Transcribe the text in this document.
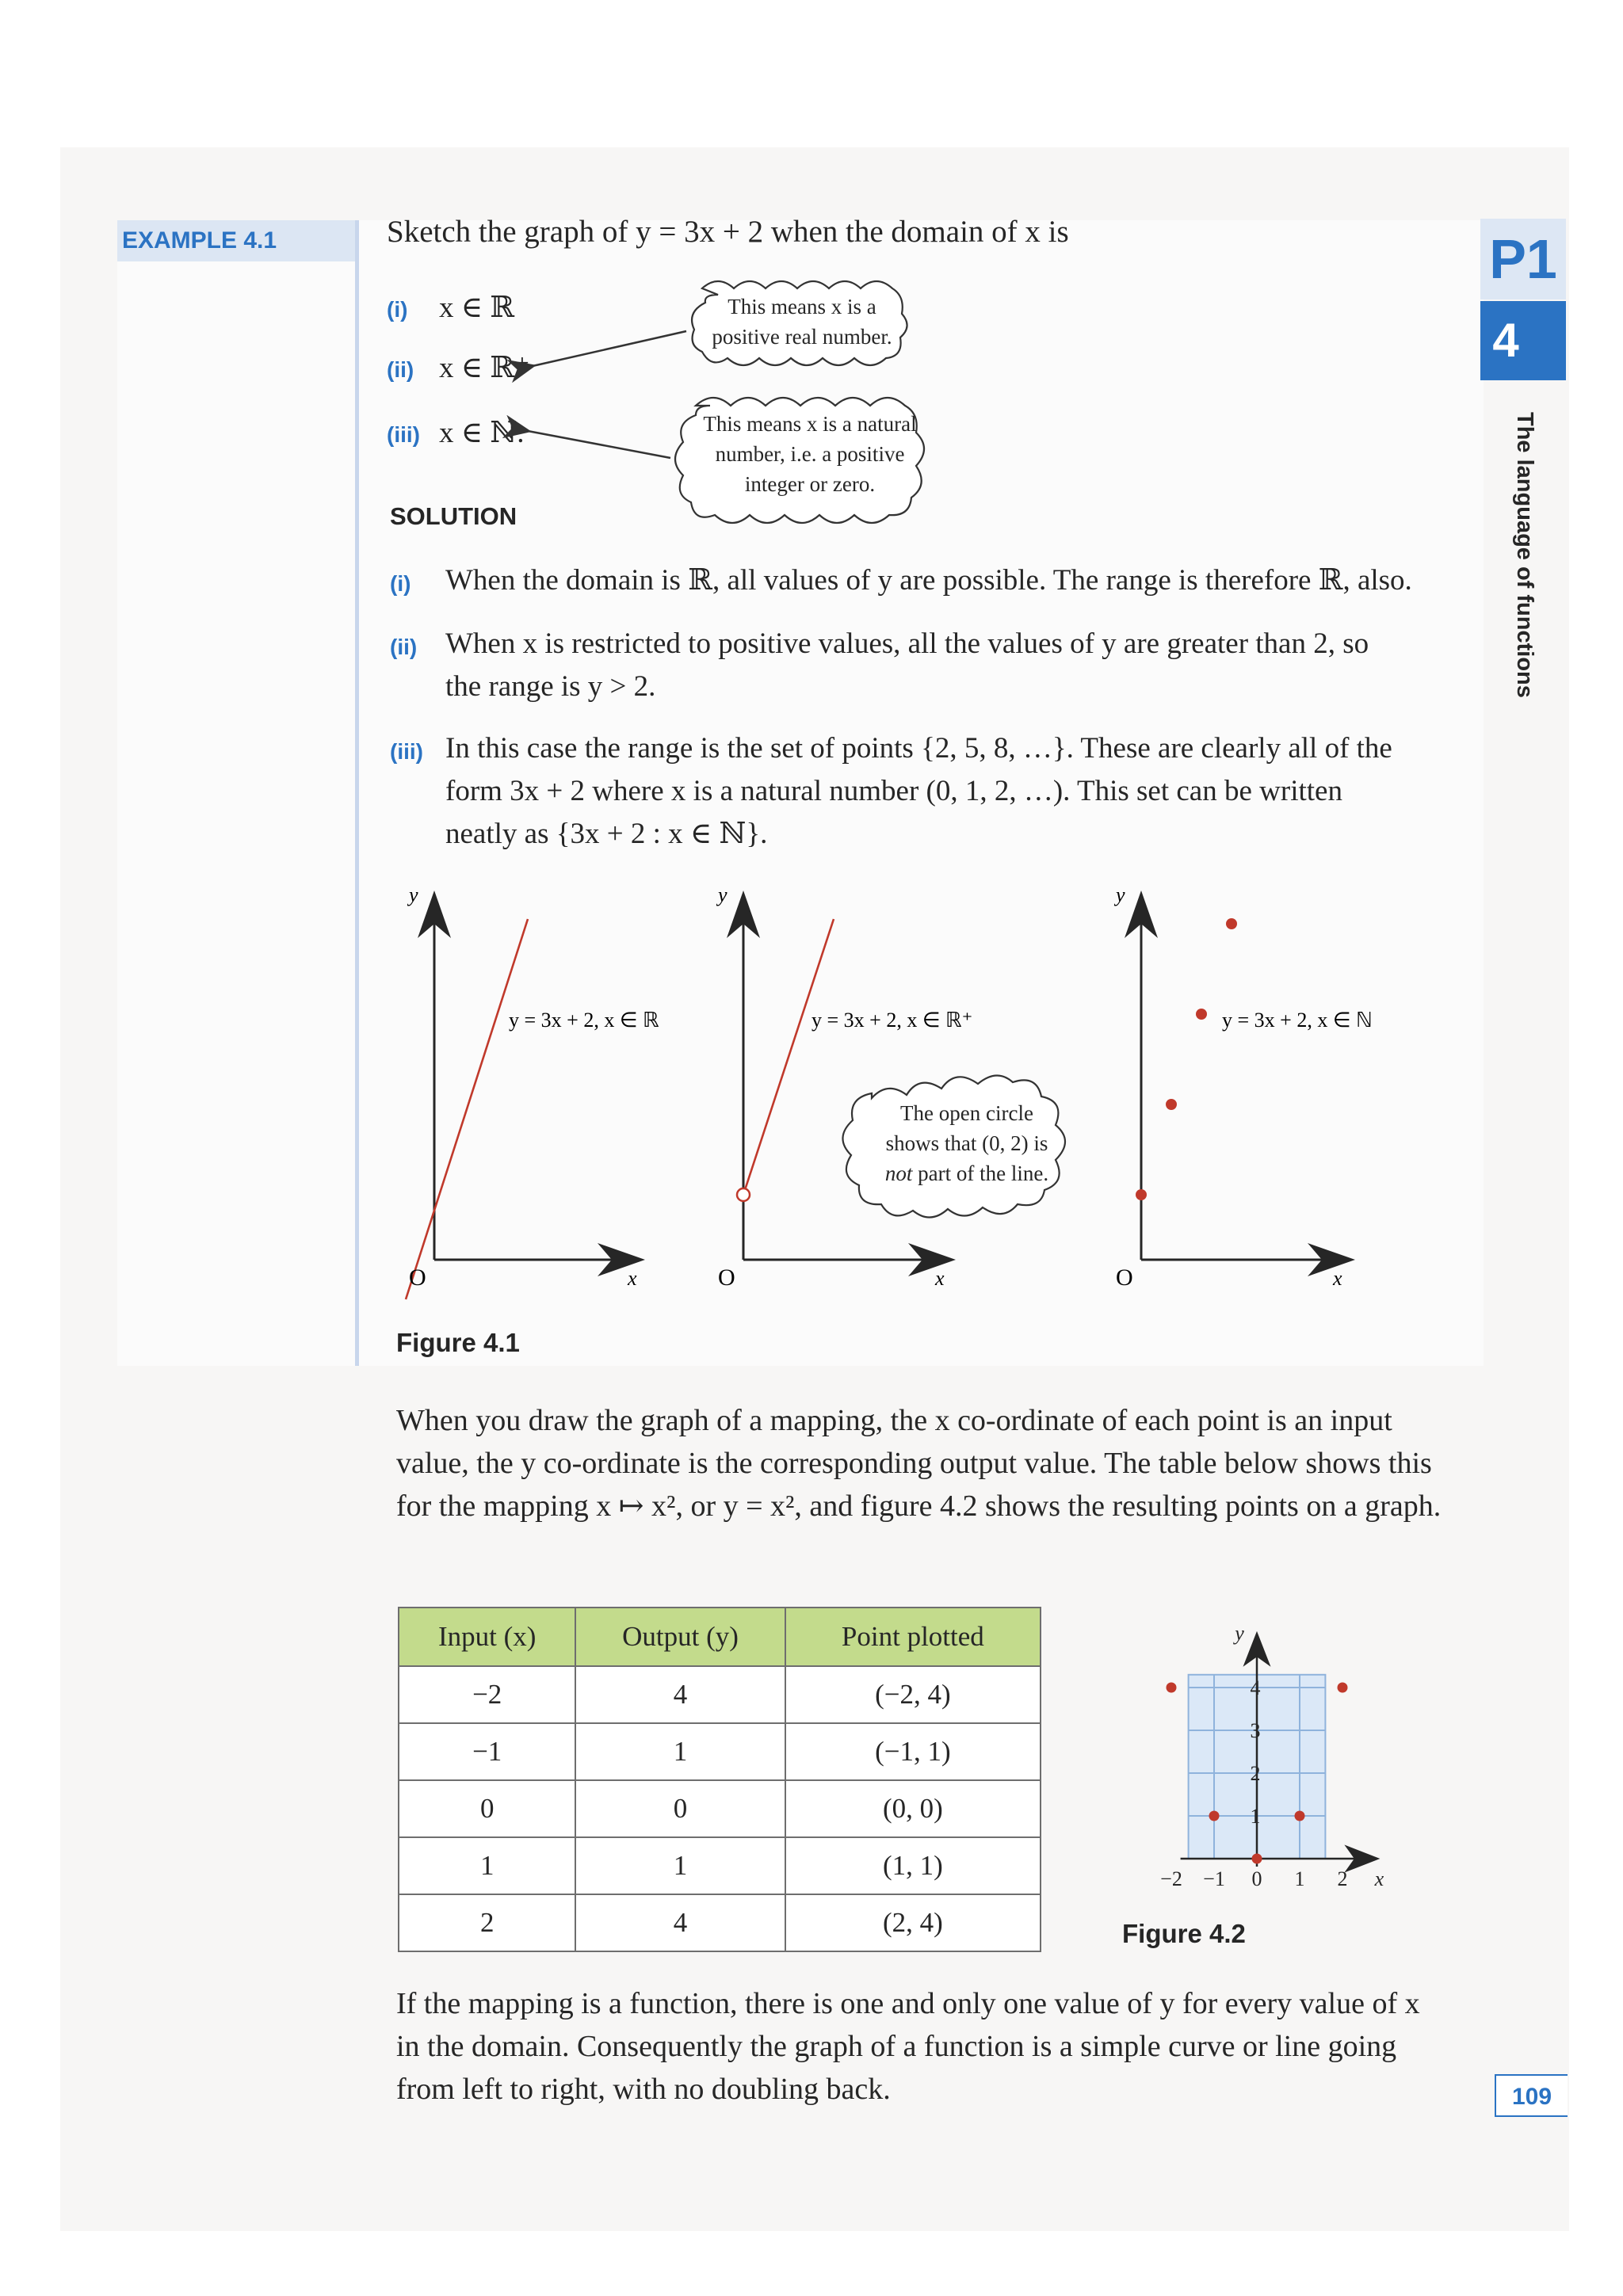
EXAMPLE 4.1	Sketch the graph of y = 3x + 2 when the domain of x is
(i) x ∈ ℝ
(ii) x ∈ ℝ⁺
(iii) x ∈ ℕ.
This means x is a positive real number.
This means x is a natural number, i.e. a positive integer or zero.
SOLUTION
(i) When the domain is ℝ, all values of y are possible. The range is therefore ℝ, also.
(ii) When x is restricted to positive values, all the values of y are greater than 2, so the range is y > 2.
(iii) In this case the range is the set of points {2, 5, 8, …}. These are clearly all of the form 3x + 2 where x is a natural number (0, 1, 2, …). This set can be written neatly as {3x + 2 : x ∈ ℕ}.
y
O	x
y = 3x + 2, x ∈ ℝ
y
O	x
y = 3x + 2, x ∈ ℝ⁺
y
O	x
y = 3x + 2, x ∈ ℕ
The open circle
shows that (0, 2) is
not part of the line.
Figure 4.1
When you draw the graph of a mapping, the x co-ordinate of each point is an input value, the y co-ordinate is the corresponding output value. The table below shows this for the mapping x ↦ x², or y = x², and figure 4.2 shows the resulting points on a graph.
Input (x)	Output (y)	Point plotted
−2	4	(−2, 4)
−1	1	(−1, 1)
0	0	(0, 0)
1	1	(1, 1)
2	4	(2, 4)
−2 −1 0 1 2
1
2
3
4
x
y
Figure 4.2
If the mapping is a function, there is one and only one value of y for every value of x in the domain. Consequently the graph of a function is a simple curve or line going from left to right, with no doubling back.
P1
4
The language of functions
109
